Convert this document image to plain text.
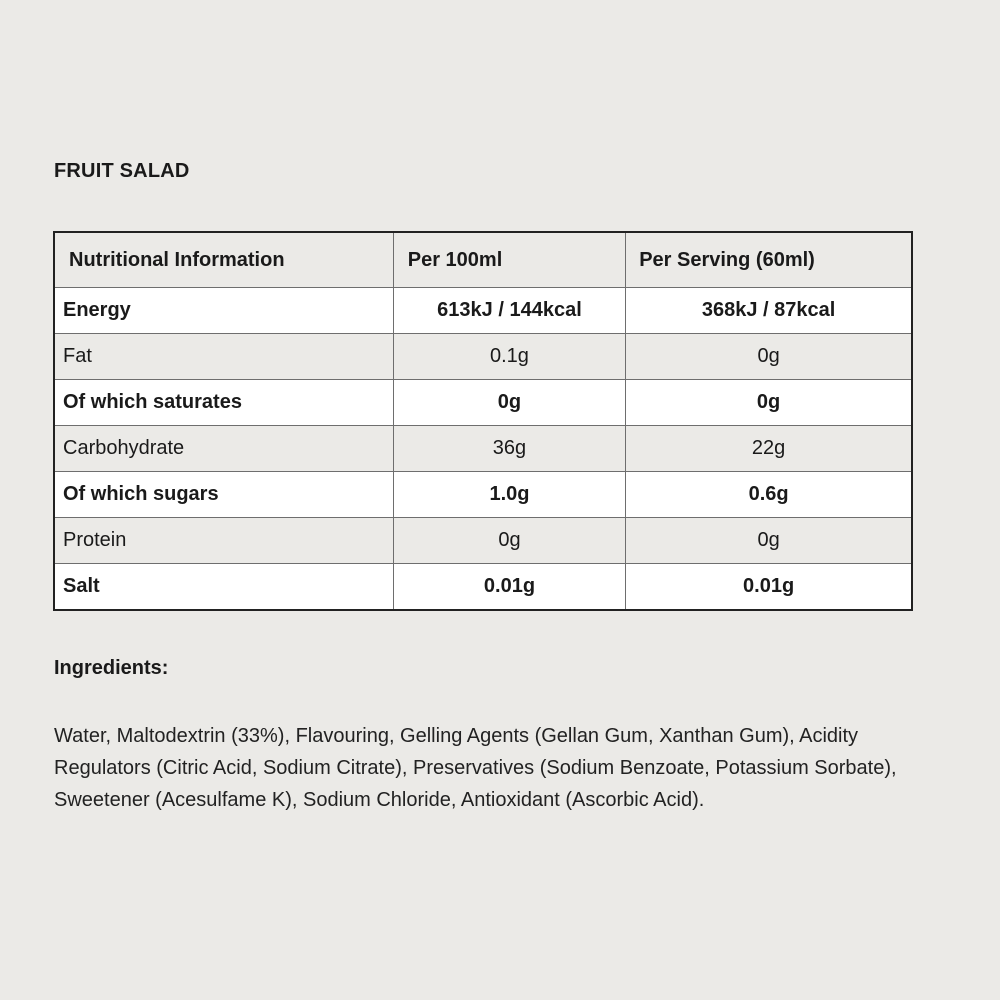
FRUIT SALAD
Nutritional Information	Per 100ml	Per Serving (60ml)
Energy	613kJ / 144kcal	368kJ / 87kcal
Fat	0.1g	0g
Of which saturates	0g	0g
Carbohydrate	36g	22g
Of which sugars	1.0g	0.6g
Protein	0g	0g
Salt	0.01g	0.01g
Ingredients:

Water, Maltodextrin (33%), Flavouring, Gelling Agents (Gellan Gum, Xanthan Gum), Acidity Regulators (Citric Acid, Sodium Citrate), Preservatives (Sodium Benzoate, Potassium Sorbate), Sweetener (Acesulfame K), Sodium Chloride, Antioxidant (Ascorbic Acid).
